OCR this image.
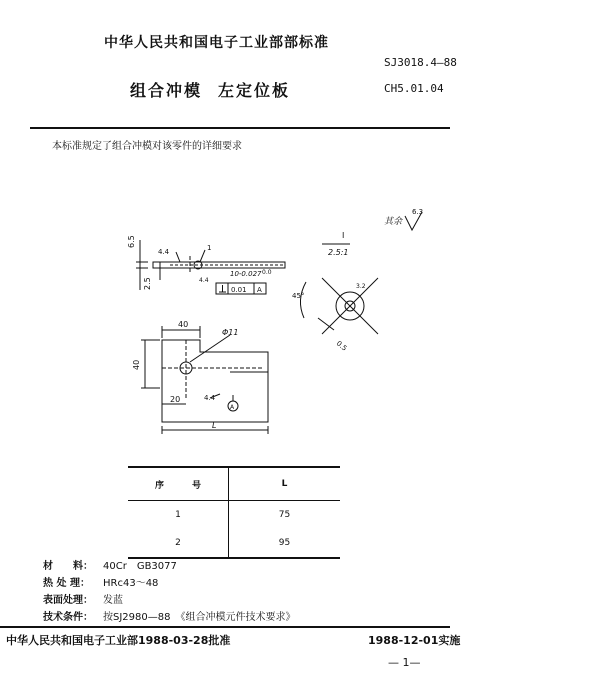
中华人民共和国电子工业部部标准
SJ3018.4—88
CH5.01.04
组合冲模 左定位板
本标准规定了组合冲模对该零件的详细要求
其余
6.3
6.5
2.5
4.4	1
10-0.027 0.0
0.01 A
4.4
40
40
Φ11
20
L
A
4.4
I
2.5:1
45°
0.5
3.2
序 号	L
1	75
2	95
材　　料： 40Cr　GB3077
热 处 理： HRc43～48
表面处理： 发蓝
技术条件： 按SJ2980—88　《组合冲模元件技术要求》
中华人民共和国电子工业部1988-03-28批准	1988-12-01实施
— 1—
